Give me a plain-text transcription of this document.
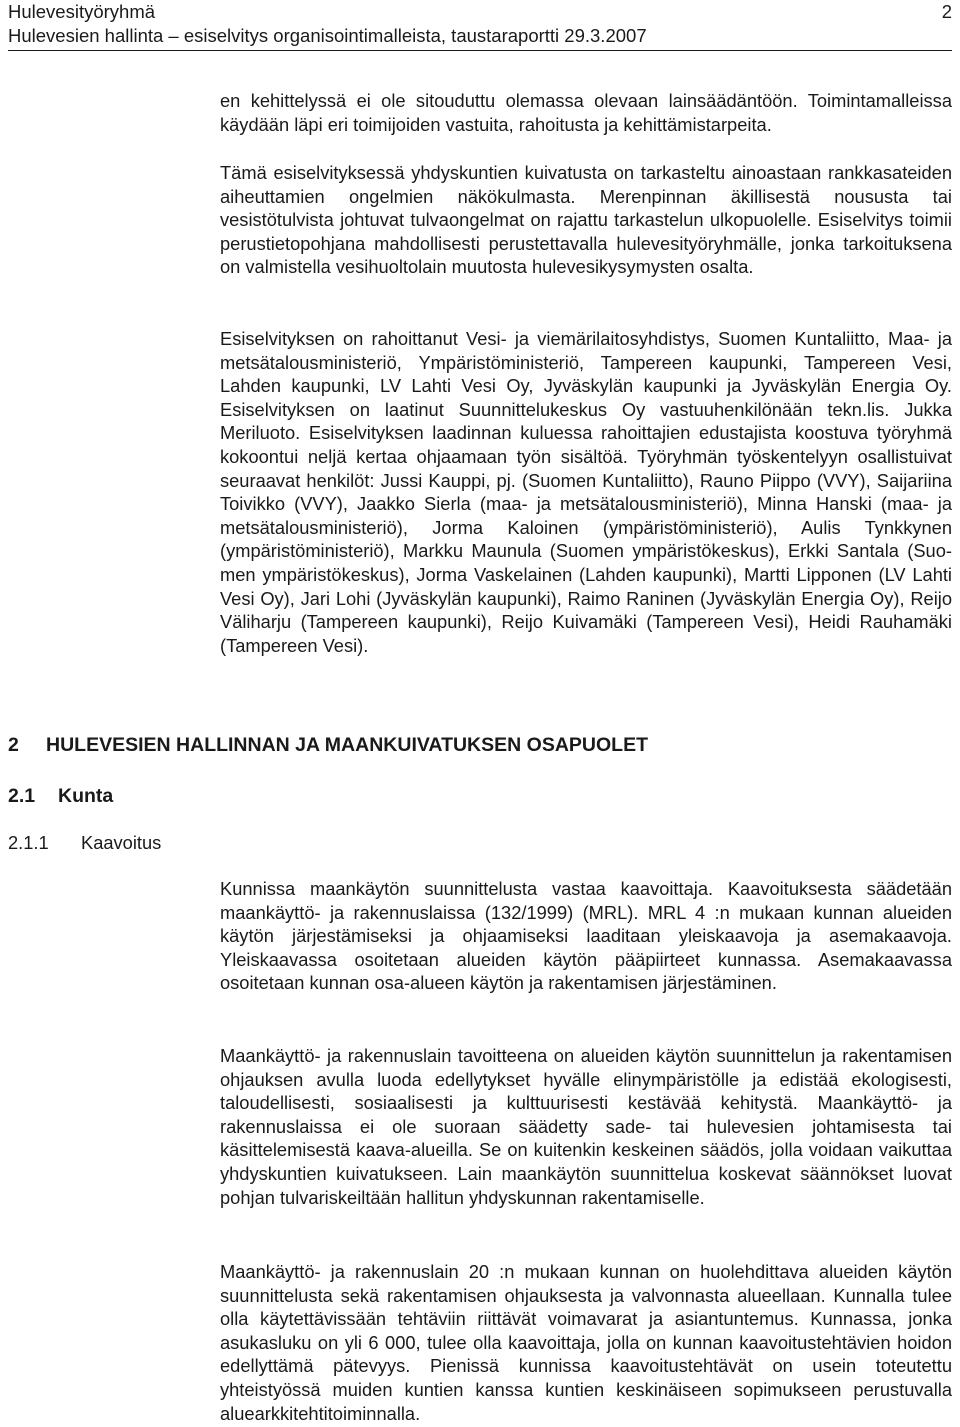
Hulevesityöryhmä
Hulevesien hallinta – esiselvitys organisointimalleista, taustaraportti 29.3.2007
2

en kehittelyssä ei ole sitouduttu olemassa olevaan lainsäädäntöön. Toimintamalleissa käydään läpi eri toimijoiden vastuita, rahoitusta ja kehittämistarpeita.

Tämä esiselvityksessä yhdyskuntien kuivatusta on tarkasteltu ainoastaan rankkasateiden aiheuttamien ongelmien näkökulmasta. Merenpinnan äkillisestä noususta tai vesistötulvista johtuvat tulvaongelmat on rajattu tarkastelun ulkopuolelle. Esiselvitys toimii perustietopohjana mahdollisesti perustettavalla hulevesityöryhmälle, jonka tarkoituksena on valmistella vesihuoltolain muutosta hulevesikysymysten osalta.

Esiselvityksen on rahoittanut Vesi- ja viemärilaitosyhdistys, Suomen Kuntaliitto, Maa- ja metsätalousministeriö, Ympäristöministeriö, Tampereen kaupunki, Tampereen Vesi, Lahden kaupunki, LV Lahti Vesi Oy, Jyväskylän kaupunki ja Jyväskylän Energia Oy. Esiselvityksen on laatinut Suunnittelukeskus Oy vastuuhenkilönään tekn.lis. Jukka Meriluoto. Esiselvityksen laadinnan kuluessa rahoittajien edustajista koostuva työryhmä kokoontui neljä kertaa ohjaamaan työn sisältöä. Työryhmän työskentelyyn osallistuivat seuraavat henkilöt: Jussi Kauppi, pj. (Suomen Kuntaliitto), Rauno Piippo (VVY), Saijariina Toivikko (VVY), Jaakko Sierla (maa- ja metsätalousministeriö), Minna Hanski (maa- ja metsätalousministeriö), Jorma Kaloinen (ympäristöministeriö), Aulis Tynkkynen (ympäristöministeriö), Markku Maunula (Suomen ympäristökeskus), Erkki Santala (Suomen ympäristökeskus), Jorma Vaskelainen (Lahden kaupunki), Martti Lipponen (LV Lahti Vesi Oy), Jari Lohi (Jyväskylän kaupunki), Raimo Raninen (Jyväskylän Energia Oy), Reijo Väliharju (Tampereen kaupunki), Reijo Kuivamäki (Tampereen Vesi), Heidi Rauhamäki (Tampereen Vesi).

2 HULEVESIEN HALLINNAN JA MAANKUIVATUKSEN OSAPUOLET
2.1 Kunta
2.1.1 Kaavoitus

Kunnissa maankäytön suunnittelusta vastaa kaavoittaja. Kaavoituksesta säädetään maankäyttö- ja rakennuslaissa (132/1999) (MRL). MRL 4 :n mukaan kunnan alueiden käytön järjestämiseksi ja ohjaamiseksi laaditaan yleiskaavoja ja asemakaavoja. Yleiskaavassa osoitetaan alueiden käytön pääpiirteet kunnassa. Asemakaavassa osoitetaan kunnan osa-alueen käytön ja rakentamisen järjestäminen.

Maankäyttö- ja rakennuslain tavoitteena on alueiden käytön suunnittelun ja rakentamisen ohjauksen avulla luoda edellytykset hyvälle elinympäristölle ja edistää ekologisesti, taloudellisesti, sosiaalisesti ja kulttuurisesti kestävää kehitystä. Maankäyttö- ja rakennuslaissa ei ole suoraan säädetty sade- tai hulevesien johtamisesta tai käsittelemisestä kaava-alueilla. Se on kuitenkin keskeinen säädös, jolla voidaan vaikuttaa yhdyskuntien kuivatukseen. Lain maankäytön suunnittelua koskevat säännökset luovat pohjan tulvariskeiltään hallitun yhdyskunnan rakentamiselle.

Maankäyttö- ja rakennuslain 20 :n mukaan kunnan on huolehdittava alueiden käytön suunnittelusta sekä rakentamisen ohjauksesta ja valvonnasta alueellaan. Kunnalla tulee olla käytettävissään tehtäviin riittävät voimavarat ja asiantuntemus. Kunnassa, jonka asukasluku on yli 6 000, tulee olla kaavoittaja, jolla on kunnan kaavoitustehtävien hoidon edellyttämä pätevyys. Pienissä kunnissa kaavoitustehtävät on usein toteutettu yhteistyössä muiden kuntien kanssa kuntien keskinäiseen sopimukseen perustuvalla aluearkkitehtitoiminnalla.
